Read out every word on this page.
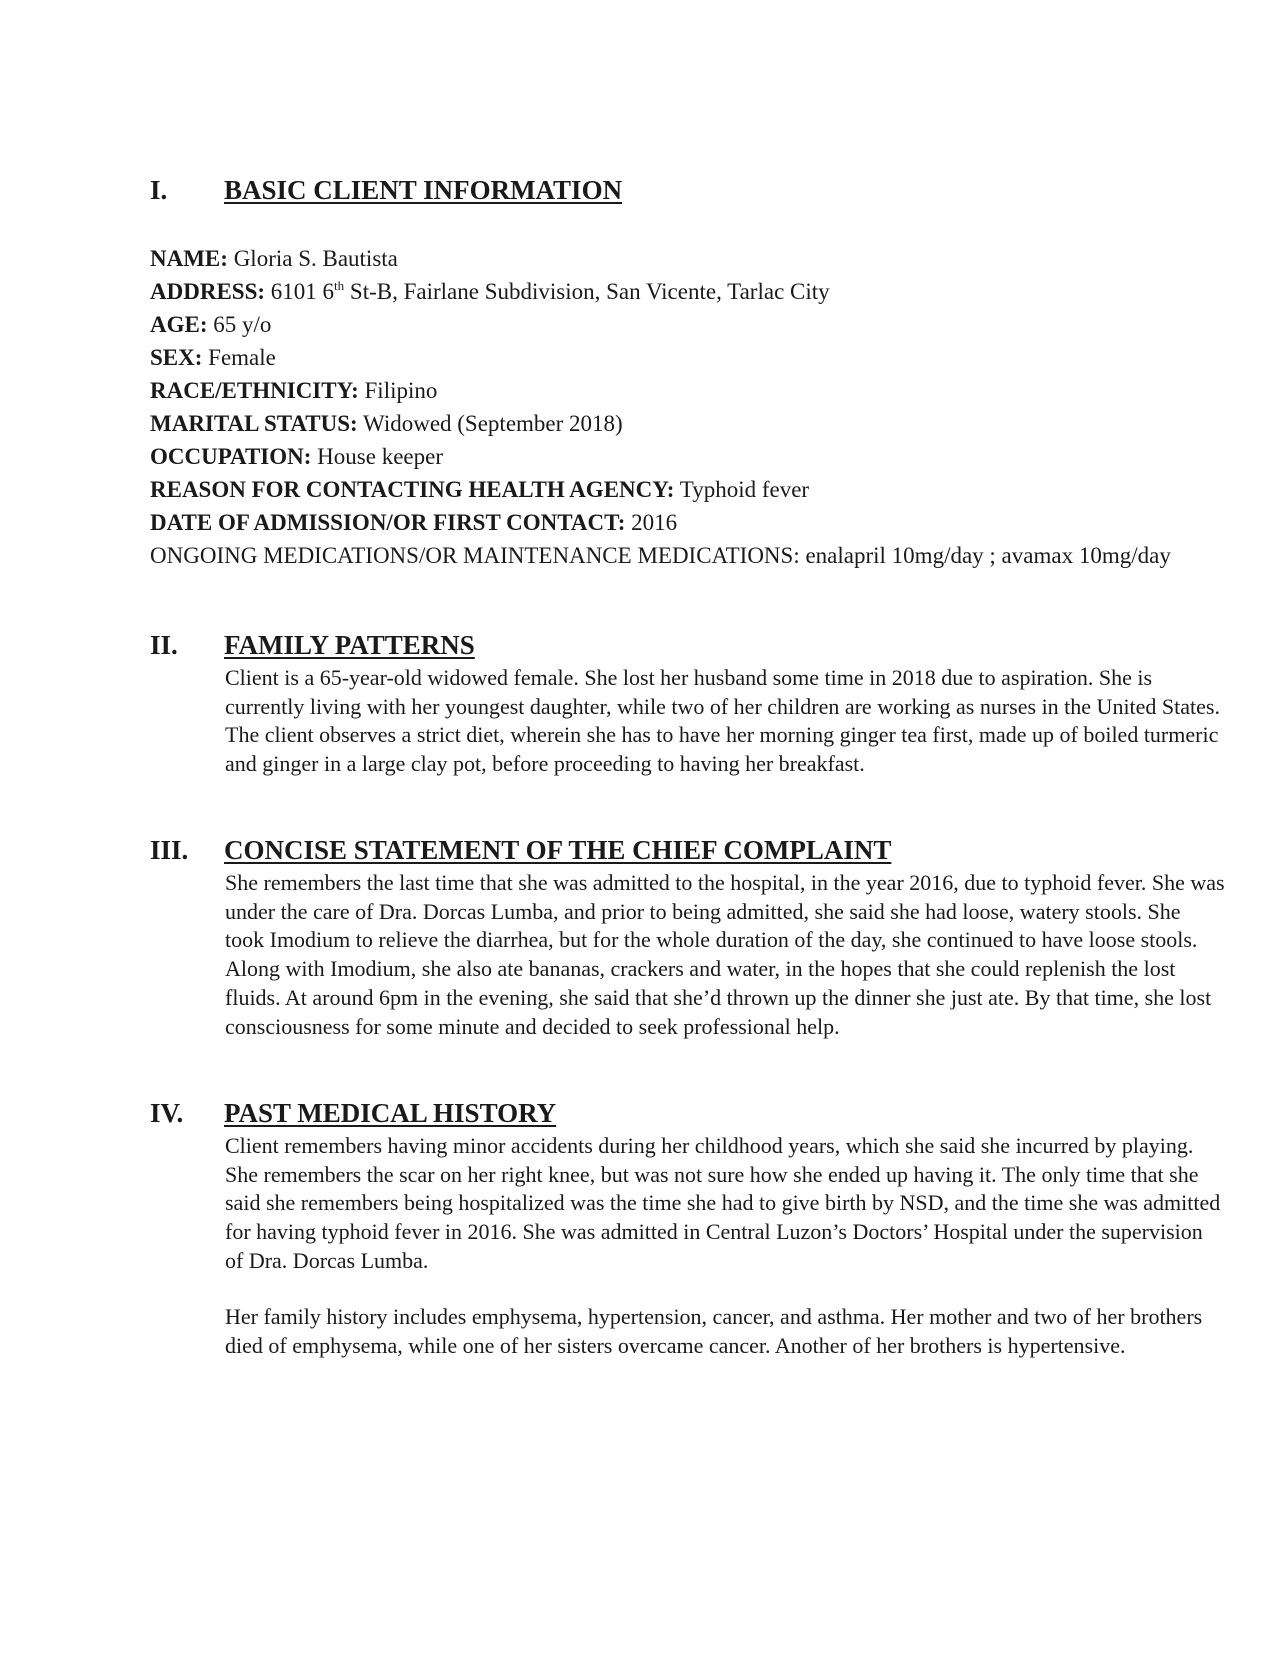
I. BASIC CLIENT INFORMATION
NAME: Gloria S. Bautista
ADDRESS: 6101 6th St-B, Fairlane Subdivision, San Vicente, Tarlac City
AGE: 65 y/o
SEX: Female
RACE/ETHNICITY: Filipino
MARITAL STATUS: Widowed (September 2018)
OCCUPATION: House keeper
REASON FOR CONTACTING HEALTH AGENCY: Typhoid fever
DATE OF ADMISSION/OR FIRST CONTACT: 2016
ONGOING MEDICATIONS/OR MAINTENANCE MEDICATIONS: enalapril 10mg/day ; avamax 10mg/day
II. FAMILY PATTERNS

Client is a 65-year-old widowed female. She lost her husband some time in 2018 due to aspiration. She is currently living with her youngest daughter, while two of her children are working as nurses in the United States. The client observes a strict diet, wherein she has to have her morning ginger tea first, made up of boiled turmeric and ginger in a large clay pot, before proceeding to having her breakfast.

III. CONCISE STATEMENT OF THE CHIEF COMPLAINT

She remembers the last time that she was admitted to the hospital, in the year 2016, due to typhoid fever. She was under the care of Dra. Dorcas Lumba, and prior to being admitted, she said she had loose, watery stools. She took Imodium to relieve the diarrhea, but for the whole duration of the day, she continued to have loose stools. Along with Imodium, she also ate bananas, crackers and water, in the hopes that she could replenish the lost fluids. At around 6pm in the evening, she said that she’d thrown up the dinner she just ate. By that time, she lost consciousness for some minute and decided to seek professional help.

IV. PAST MEDICAL HISTORY

Client remembers having minor accidents during her childhood years, which she said she incurred by playing. She remembers the scar on her right knee, but was not sure how she ended up having it. The only time that she said she remembers being hospitalized was the time she had to give birth by NSD, and the time she was admitted for having typhoid fever in 2016. She was admitted in Central Luzon’s Doctors’ Hospital under the supervision of Dra. Dorcas Lumba.

Her family history includes emphysema, hypertension, cancer, and asthma. Her mother and two of her brothers died of emphysema, while one of her sisters overcame cancer. Another of her brothers is hypertensive.
